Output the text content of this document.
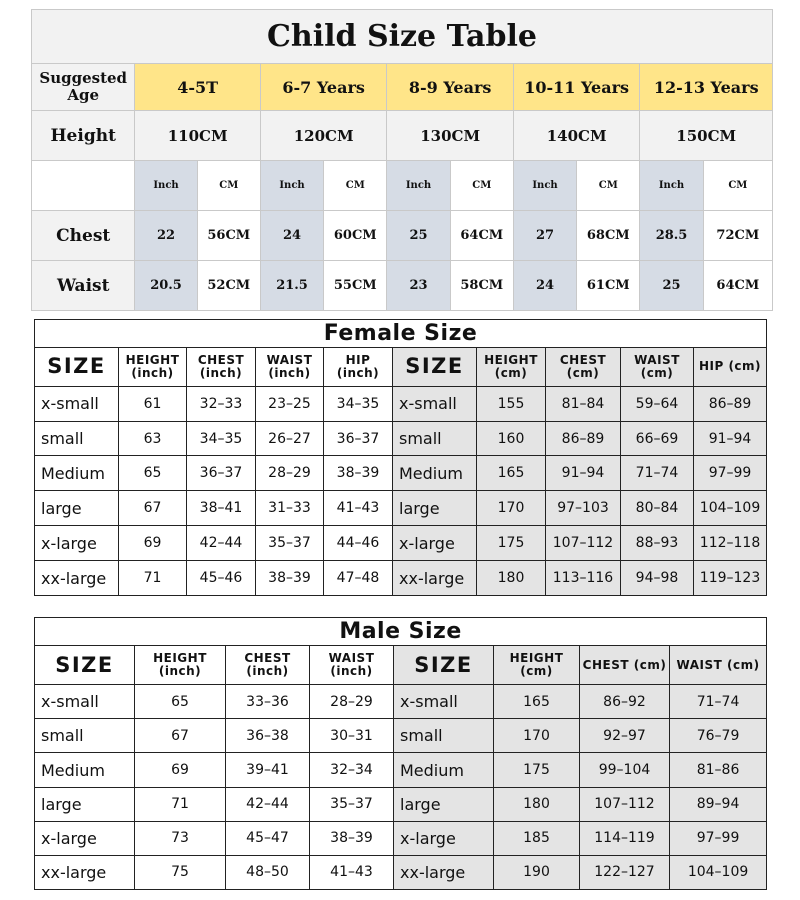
Child Size Table										
Suggested Age	4-5T		6-7 Years		8-9 Years		10-11 Years		12-13 Years	
Height	110CM		120CM		130CM		140CM		150CM	
	Inch	CM	Inch	CM	Inch	CM	Inch	CM	Inch	CM
Chest	22	56CM	24	60CM	25	64CM	27	68CM	28.5	72CM
Waist	20.5	52CM	21.5	55CM	23	58CM	24	61CM	25	64CM
Female Size									
SIZE	HEIGHT (inch)	CHEST (inch)	WAIST (inch)	HIP (inch)	SIZE	HEIGHT (cm)	CHEST (cm)	WAIST (cm)	HIP (cm)
x-small	61	32–33	23–25	34–35	x-small	155	81–84	59–64	86–89
small	63	34–35	26–27	36–37	small	160	86–89	66–69	91–94
Medium	65	36–37	28–29	38–39	Medium	165	91–94	71–74	97–99
large	67	38–41	31–33	41–43	large	170	97–103	80–84	104–109
x-large	69	42–44	35–37	44–46	x-large	175	107–112	88–93	112–118
xx-large	71	45–46	38–39	47–48	xx-large	180	113–116	94–98	119–123
Male Size							
SIZE	HEIGHT (inch)	CHEST (inch)	WAIST (inch)	SIZE	HEIGHT (cm)	CHEST (cm)	WAIST (cm)
x-small	65	33–36	28–29	x-small	165	86–92	71–74
small	67	36–38	30–31	small	170	92–97	76–79
Medium	69	39–41	32–34	Medium	175	99–104	81–86
large	71	42–44	35–37	large	180	107–112	89–94
x-large	73	45–47	38–39	x-large	185	114–119	97–99
xx-large	75	48–50	41–43	xx-large	190	122–127	104–109
